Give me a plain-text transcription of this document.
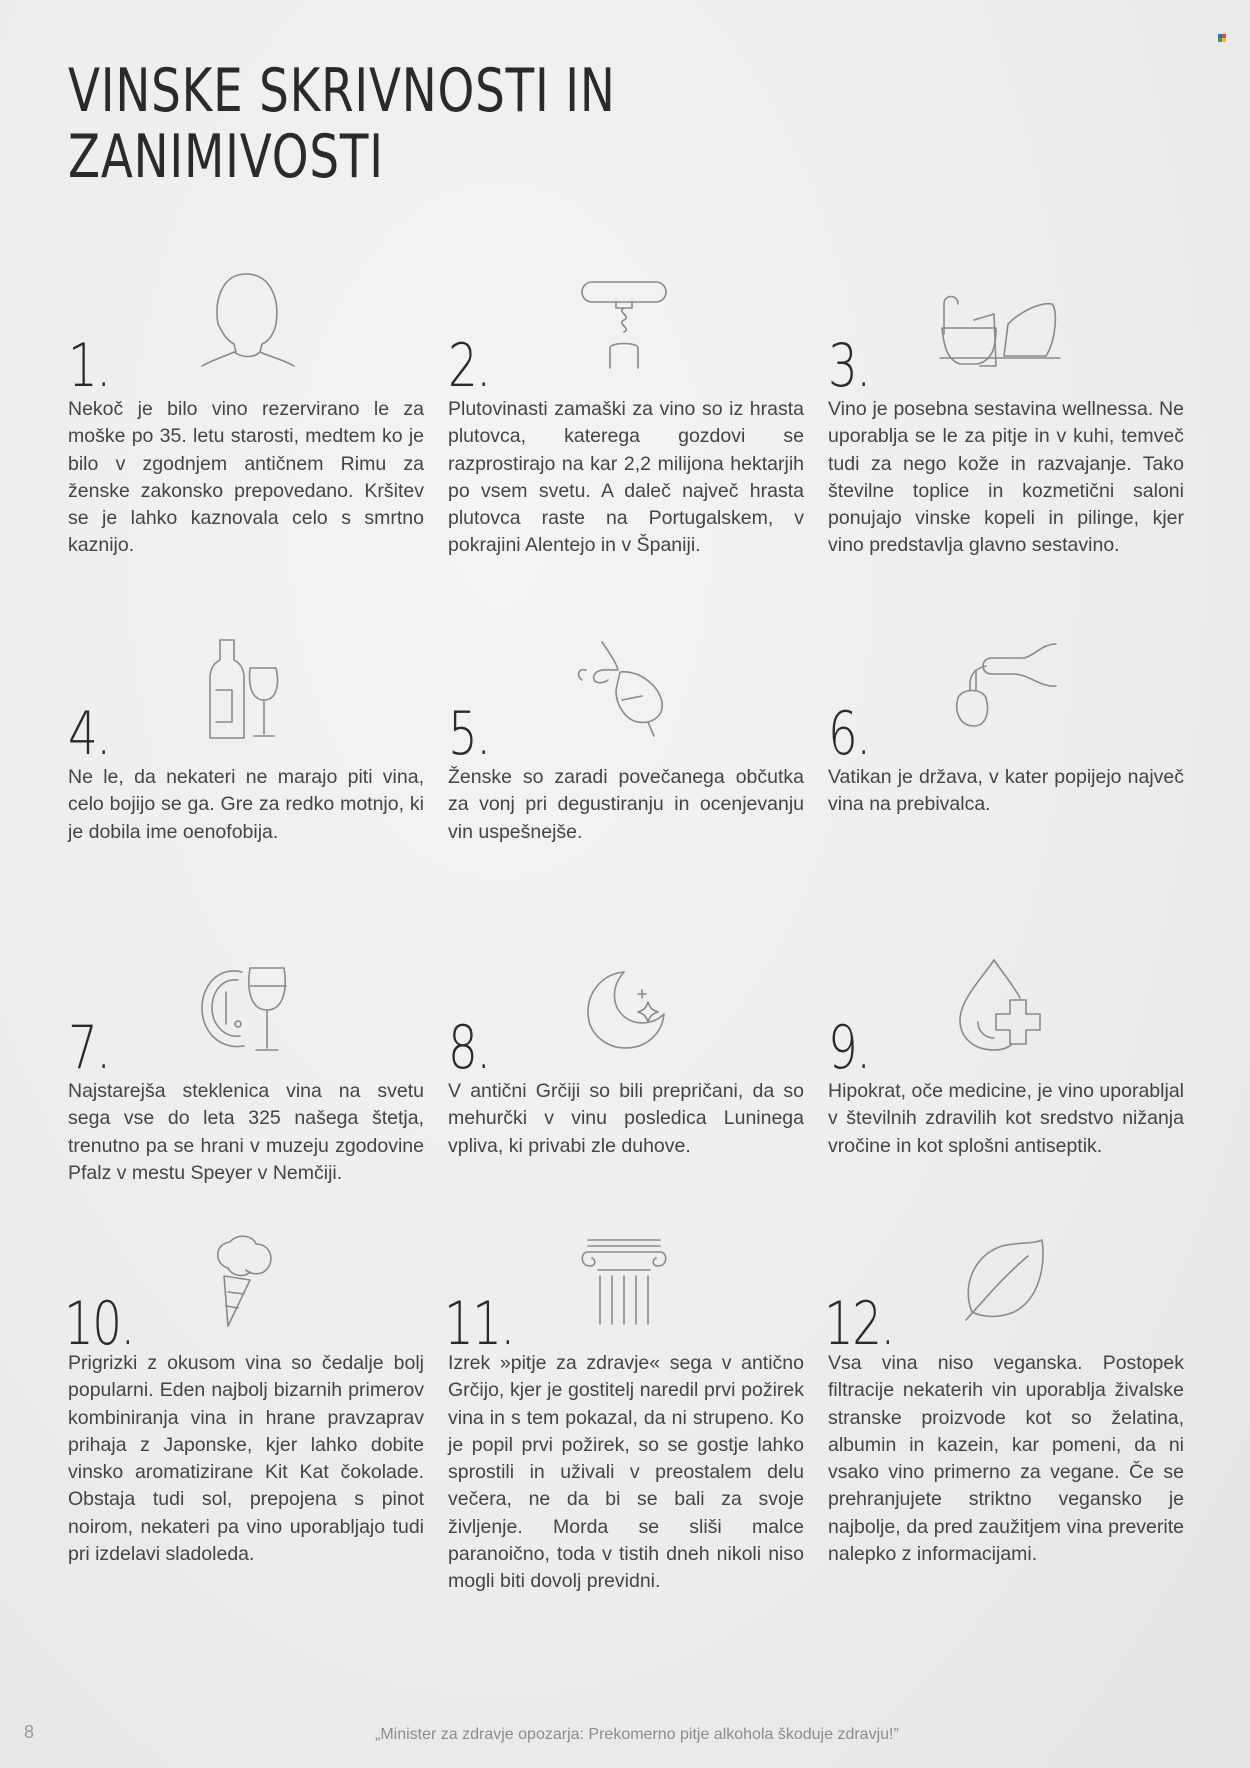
VINSKE SKRIVNOSTI IN
ZANIMIVOSTI
1.

Nekoč je bilo vino rezervirano le za moške po 35. letu starosti, medtem ko je bilo v zgodnjem antičnem Rimu za ženske zakonsko prepovedano. Kršitev se je lahko kaznovala celo s smrtno kaznijo.

2.

Plutovinasti zamaški za vino so iz hrasta plutovca, katerega gozdovi se razprostirajo na kar 2,2 milijona hektarjih po vsem svetu. A daleč največ hrasta plutovca raste na Portugalskem, v pokrajini Alentejo in v Španiji.

3.

Vino je posebna sestavina wellnessa. Ne uporablja se le za pitje in v kuhi, temveč tudi za nego kože in razvajanje. Tako številne toplice in kozmetični saloni ponujajo vinske kopeli in pilinge, kjer vino predstavlja glavno sestavino.

4.

Ne le, da nekateri ne marajo piti vina, celo bojijo se ga. Gre za redko motnjo, ki je dobila ime oenofobija.

5.

Ženske so zaradi povečanega občutka za vonj pri degustiranju in ocenjevanju vin uspešnejše.

6.

Vatikan je država, v kater popijejo največ vina na prebivalca.

7.

Najstarejša steklenica vina na svetu sega vse do leta 325 našega štetja, trenutno pa se hrani v muzeju zgodovine Pfalz v mestu Speyer v Nemčiji.

8.

V antični Grčiji so bili prepričani, da so mehurčki v vinu posledica Luninega vpliva, ki privabi zle duhove.

9.

Hipokrat, oče medicine, je vino uporabljal v številnih zdravilih kot sredstvo nižanja vročine in kot splošni antiseptik.

10.

Prigrizki z okusom vina so čedalje bolj popularni. Eden najbolj bizarnih primerov kombiniranja vina in hrane pravzaprav prihaja z Japonske, kjer lahko dobite vinsko aromatizirane Kit Kat čokolade. Obstaja tudi sol, prepojena s pinot noirom, nekateri pa vino uporabljajo tudi pri izdelavi sladoleda.

11.

Izrek »pitje za zdravje« sega v antično Grčijo, kjer je gostitelj naredil prvi požirek vina in s tem pokazal, da ni strupeno. Ko je popil prvi požirek, so se gostje lahko sprostili in uživali v preostalem delu večera, ne da bi se bali za svoje življenje. Morda se sliši malce paranoično, toda v tistih dneh nikoli niso mogli biti dovolj previdni.

12.

Vsa vina niso veganska. Postopek filtracije nekaterih vin uporablja živalske stranske proizvode kot so želatina, albumin in kazein, kar pomeni, da ni vsako vino primerno za vegane. Če se prehranjujete striktno vegansko je najbolje, da pred zaužitjem vina preverite nalepko z informacijami.

8	„Minister za zdravje opozarja: Prekomerno pitje alkohola škoduje zdravju!”
